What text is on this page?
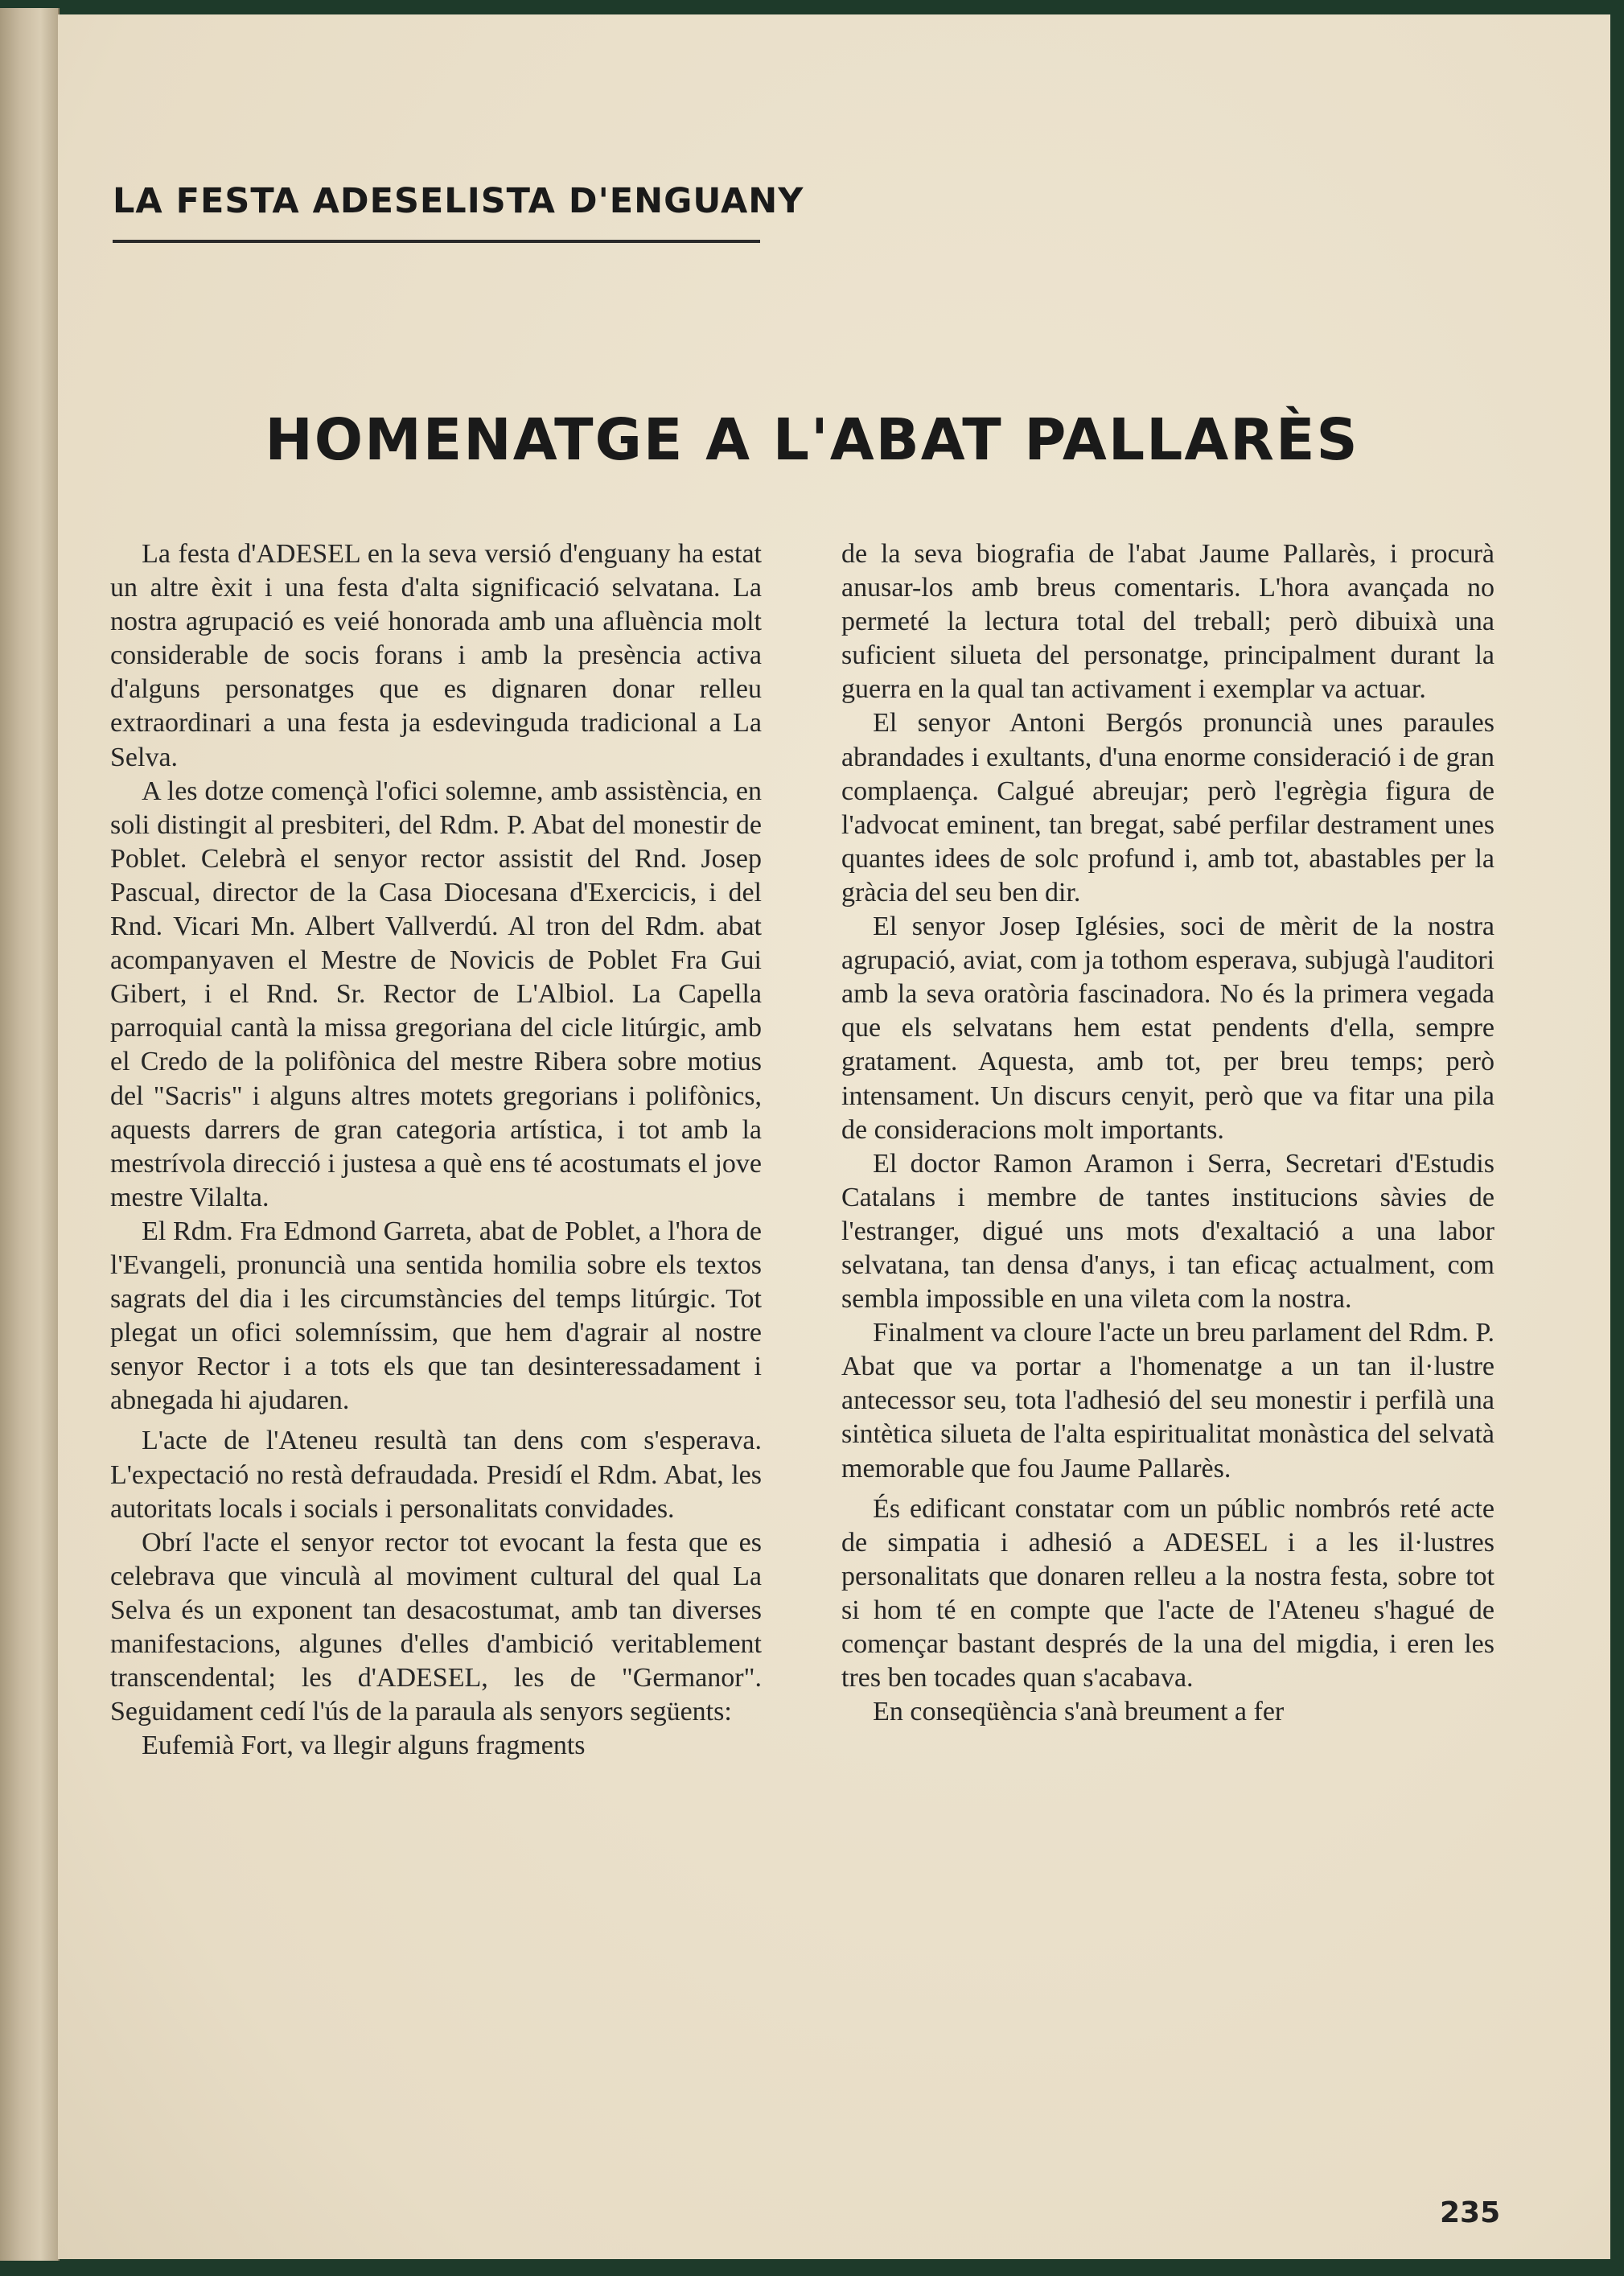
LA FESTA ADESELISTA D'ENGUANY
HOMENATGE A L'ABAT PALLARÈS

La festa d'ADESEL en la seva versió d'enguany ha estat un altre èxit i una festa d'alta significació selvatana. La nostra agrupació es veié honorada amb una afluència molt considerable de socis forans i amb la presència activa d'alguns personatges que es dignaren donar relleu extraordinari a una festa ja esdevinguda tradicional a La Selva.

A les dotze començà l'ofici solemne, amb assistència, en soli distingit al presbiteri, del Rdm. P. Abat del monestir de Poblet. Celebrà el senyor rector assistit del Rnd. Josep Pascual, director de la Casa Diocesana d'Exercicis, i del Rnd. Vicari Mn. Albert Vallverdú. Al tron del Rdm. abat acompanyaven el Mestre de Novicis de Poblet Fra Gui Gibert, i el Rnd. Sr. Rector de L'Albiol. La Capella parroquial cantà la missa gregoriana del cicle litúrgic, amb el Credo de la polifònica del mestre Ribera sobre motius del "Sacris" i alguns altres motets gregorians i polifònics, aquests darrers de gran categoria artística, i tot amb la mestrívola direcció i justesa a què ens té acostumats el jove mestre Vilalta.

El Rdm. Fra Edmond Garreta, abat de Poblet, a l'hora de l'Evangeli, pronuncià una sentida homilia sobre els textos sagrats del dia i les circumstàncies del temps litúrgic. Tot plegat un ofici solemníssim, que hem d'agrair al nostre senyor Rector i a tots els que tan desinteressadament i abnegada hi ajudaren.

L'acte de l'Ateneu resultà tan dens com s'esperava. L'expectació no restà defraudada. Presidí el Rdm. Abat, les autoritats locals i socials i personalitats convidades.

Obrí l'acte el senyor rector tot evocant la festa que es celebrava que vinculà al moviment cultural del qual La Selva és un exponent tan desacostumat, amb tan diverses manifestacions, algunes d'elles d'ambició veritablement transcendental; les d'ADESEL, les de "Germanor". Seguidament cedí l'ús de la paraula als senyors següents:

Eufemià Fort, va llegir alguns fragments

de la seva biografia de l'abat Jaume Pallarès, i procurà anusar-los amb breus comentaris. L'hora avançada no permeté la lectura total del treball; però dibuixà una suficient silueta del personatge, principalment durant la guerra en la qual tan activament i exemplar va actuar.

El senyor Antoni Bergós pronuncià unes paraules abrandades i exultants, d'una enorme consideració i de gran complaença. Calgué abreujar; però l'egrègia figura de l'advocat eminent, tan bregat, sabé perfilar destrament unes quantes idees de solc profund i, amb tot, abastables per la gràcia del seu ben dir.

El senyor Josep Iglésies, soci de mèrit de la nostra agrupació, aviat, com ja tothom esperava, subjugà l'auditori amb la seva oratòria fascinadora. No és la primera vegada que els selvatans hem estat pendents d'ella, sempre gratament. Aquesta, amb tot, per breu temps; però intensament. Un discurs cenyit, però que va fitar una pila de consideracions molt importants.

El doctor Ramon Aramon i Serra, Secretari d'Estudis Catalans i membre de tantes institucions sàvies de l'estranger, digué uns mots d'exaltació a una labor selvatana, tan densa d'anys, i tan eficaç actualment, com sembla impossible en una vileta com la nostra.

Finalment va cloure l'acte un breu parlament del Rdm. P. Abat que va portar a l'homenatge a un tan il·lustre antecessor seu, tota l'adhesió del seu monestir i perfilà una sintètica silueta de l'alta espiritualitat monàstica del selvatà memorable que fou Jaume Pallarès.

És edificant constatar com un públic nombrós reté acte de simpatia i adhesió a ADESEL i a les il·lustres personalitats que donaren relleu a la nostra festa, sobre tot si hom té en compte que l'acte de l'Ateneu s'hagué de començar bastant després de la una del migdia, i eren les tres ben tocades quan s'acabava.

En conseqüència s'anà breument a fer

235
